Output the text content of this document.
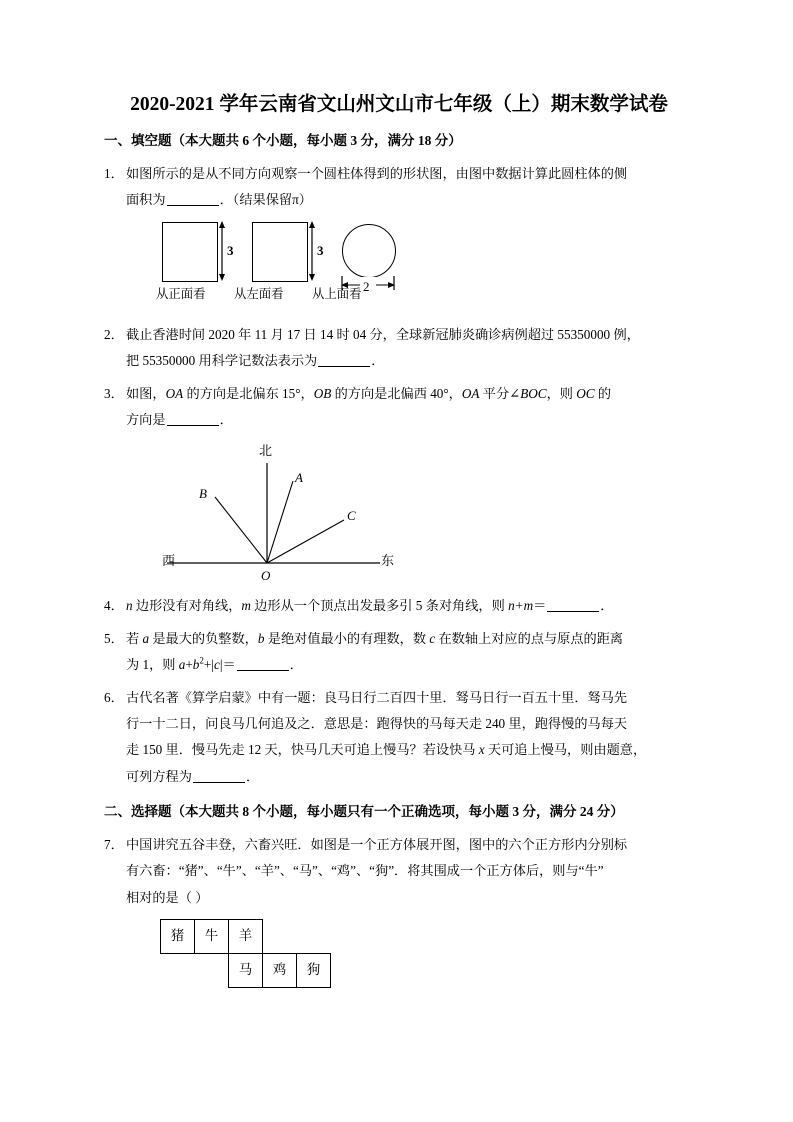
2020-2021 学年云南省文山州文山市七年级（上）期末数学试卷
一、填空题（本大题共 6 个小题，每小题 3 分，满分 18 分）
1． 如图所示的是从不同方向观察一个圆柱体得到的形状图，由图中数据计算此圆柱体的侧
面积为	．（结果保留π）
3	3
2
从正面看 从左面看 从上面看
2． 截止香港时间 2020 年 11 月 17 日 14 时 04 分，全球新冠肺炎确诊病例超过 55350000 例，
把 55350000 用科学记数法表示为	．
3． 如图，OA 的方向是北偏东 15°，OB 的方向是北偏西 40°，OA 平分∠BOC，则 OC 的
方向是	．
北
西	东
O
A
B
C
4． n 边形没有对角线，m 边形从一个顶点出发最多引 5 条对角线，则 n+m＝	．
5． 若 a 是最大的负整数，b 是绝对值最小的有理数，数 c 在数轴上对应的点与原点的距离
为 1，则 $a+b^2+|c|=$	．
6． 古代名著《算学启蒙》中有一题：良马日行二百四十里．驽马日行一百五十里．驽马先
行一十二日，问良马几何追及之．意思是：跑得快的马每天走 240 里，跑得慢的马每天
走 150 里．慢马先走 12 天，快马几天可追上慢马？若设快马 x 天可追上慢马，则由题意，
可列方程为	．
二、选择题（本大题共 8 个小题，每小题只有一个正确选项，每小题 3 分，满分 24 分）
7． 中国讲究五谷丰登，六畜兴旺．如图是一个正方体展开图，图中的六个正方形内分别标
有六畜：“猪”、“牛”、“羊”、“马”、“鸡”、“狗”．将其围成一个正方体后，则与“牛”
相对的是（ ）
猪	牛	羊
马	鸡	狗
